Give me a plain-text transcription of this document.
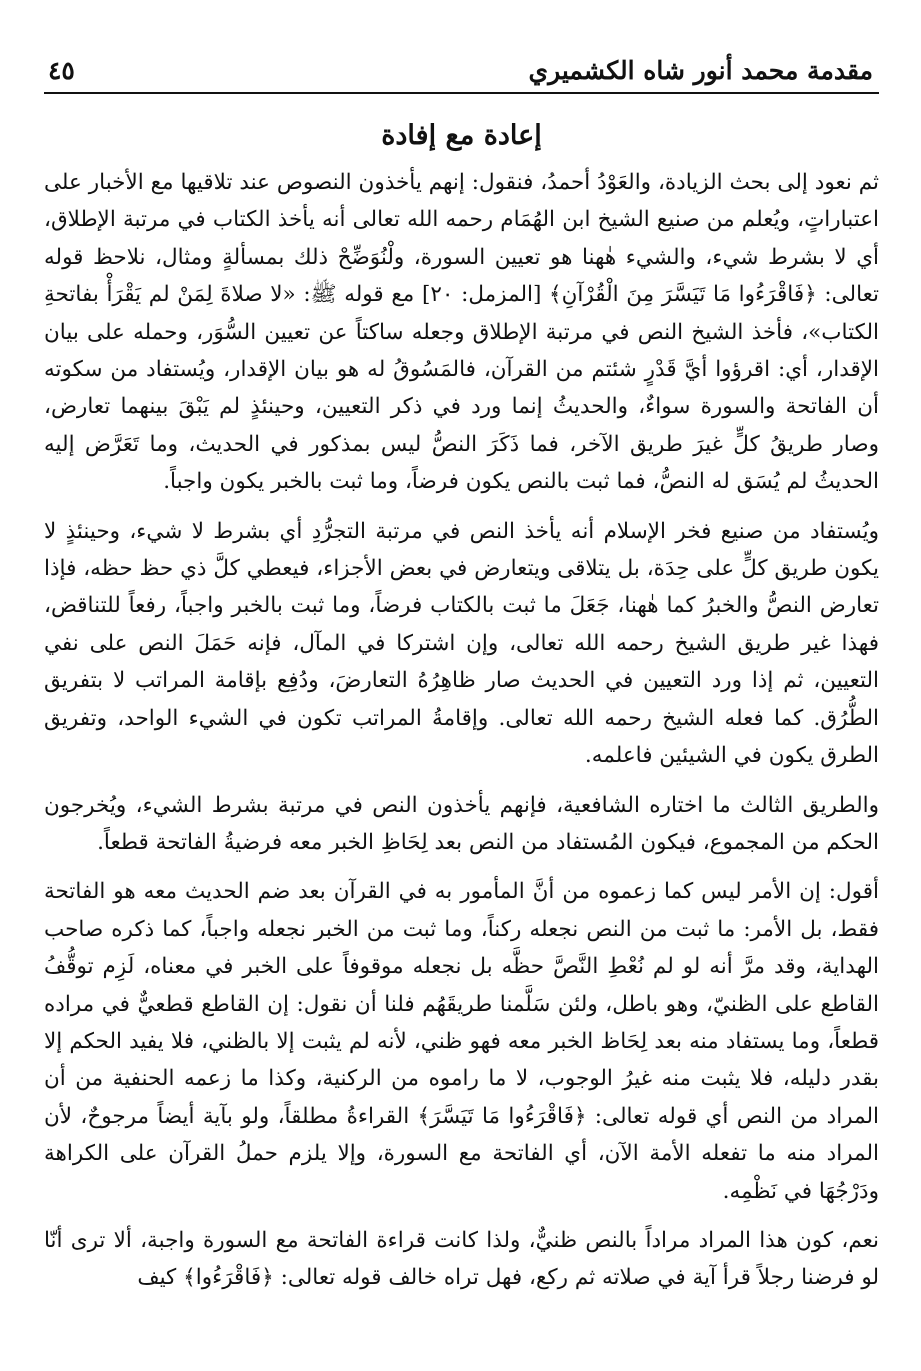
مقدمة محمد أنور شاه الكشميري
٤٥
إعادة مع إفادة

ثم نعود إلى بحث الزيادة، والعَوْدُ أحمدُ، فنقول: إنهم يأخذون النصوص عند تلاقيها مع الأخبار على اعتباراتٍ، ويُعلم من صنيع الشيخ ابن الهُمَام رحمه الله تعالى أنه يأخذ الكتاب في مرتبة الإطلاق، أي لا بشرط شيء، والشيء هٰهنا هو تعيين السورة، ولْنُوَضِّحْ ذلك بمسألةٍ ومثال، نلاحظ قوله تعالى: ﴿فَاقْرَءُوا مَا تَيَسَّرَ مِنَ الْقُرْآنِ﴾ [المزمل: ٢٠] مع قوله ﷺ: «لا صلاةَ لِمَنْ لم يَقْرَأْ بفاتحةِ الكتاب»، فأخذ الشيخ النص في مرتبة الإطلاق وجعله ساكتاً عن تعيين السُّوَر، وحمله على بيان الإقدار، أي: اقرؤوا أيَّ قَدْرٍ شئتم من القرآن، فالمَسُوقُ له هو بيان الإقدار، ويُستفاد من سكوته أن الفاتحة والسورة سواءٌ، والحديثُ إنما ورد في ذكر التعيين، وحينئذٍ لم يَبْقَ بينهما تعارض، وصار طريقُ كلٍّ غيرَ طريق الآخر، فما ذَكَرَ النصُّ ليس بمذكور في الحديث، وما تَعَرَّض إليه الحديثُ لم يُسَق له النصُّ، فما ثبت بالنص يكون فرضاً، وما ثبت بالخبر يكون واجباً.

ويُستفاد من صنيع فخر الإسلام أنه يأخذ النص في مرتبة التجرُّدِ أي بشرط لا شيء، وحينئذٍ لا يكون طريق كلٍّ على حِدَة، بل يتلاقى ويتعارض في بعض الأجزاء، فيعطي كلَّ ذي حظ حظه، فإذا تعارض النصُّ والخبرُ كما هٰهنا، جَعَلَ ما ثبت بالكتاب فرضاً، وما ثبت بالخبر واجباً، رفعاً للتناقض، فهذا غير طريق الشيخ رحمه الله تعالى، وإن اشتركا في المآل، فإنه حَمَلَ النص على نفي التعيين، ثم إذا ورد التعيين في الحديث صار ظاهِرُهُ التعارضَ، ودُفِع بإقامة المراتب لا بتفريق الطُّرُق. كما فعله الشيخ رحمه الله تعالى. وإقامةُ المراتب تكون في الشيء الواحد، وتفريق الطرق يكون في الشيئين فاعلمه.

والطريق الثالث ما اختاره الشافعية، فإنهم يأخذون النص في مرتبة بشرط الشيء، ويُخرجون الحكم من المجموع، فيكون المُستفاد من النص بعد لِحَاظِ الخبر معه فرضيةُ الفاتحة قطعاً.

أقول: إن الأمر ليس كما زعموه من أنَّ المأمور به في القرآن بعد ضم الحديث معه هو الفاتحة فقط، بل الأمر: ما ثبت من النص نجعله ركناً، وما ثبت من الخبر نجعله واجباً، كما ذكره صاحب الهداية، وقد مرَّ أنه لو لم نُعْطِ النَّصَّ حظَّه بل نجعله موقوفاً على الخبر في معناه، لَزِم توقُّفُ القاطع على الظنيّ، وهو باطل، ولئن سَلَّمنا طريقَهُم فلنا أن نقول: إن القاطع قطعيٌّ في مراده قطعاً، وما يستفاد منه بعد لِحَاظ الخبر معه فهو ظني، لأنه لم يثبت إلا بالظني، فلا يفيد الحكم إلا بقدر دليله، فلا يثبت منه غيرُ الوجوب، لا ما راموه من الركنية، وكذا ما زعمه الحنفية من أن المراد من النص أي قوله تعالى: ﴿فَاقْرَءُوا مَا تَيَسَّرَ﴾ القراءةُ مطلقاً، ولو بآية أيضاً مرجوحٌ، لأن المراد منه ما تفعله الأمة الآن، أي الفاتحة مع السورة، وإلا يلزم حملُ القرآن على الكراهة ودَرْجُهَا في نَظْمِه.

نعم، كون هذا المراد مراداً بالنص ظنيٌّ، ولذا كانت قراءة الفاتحة مع السورة واجبة، ألا ترى أنّا لو فرضنا رجلاً قرأ آية في صلاته ثم ركع، فهل تراه خالف قوله تعالى: ﴿فَاقْرَءُوا﴾ كيف
